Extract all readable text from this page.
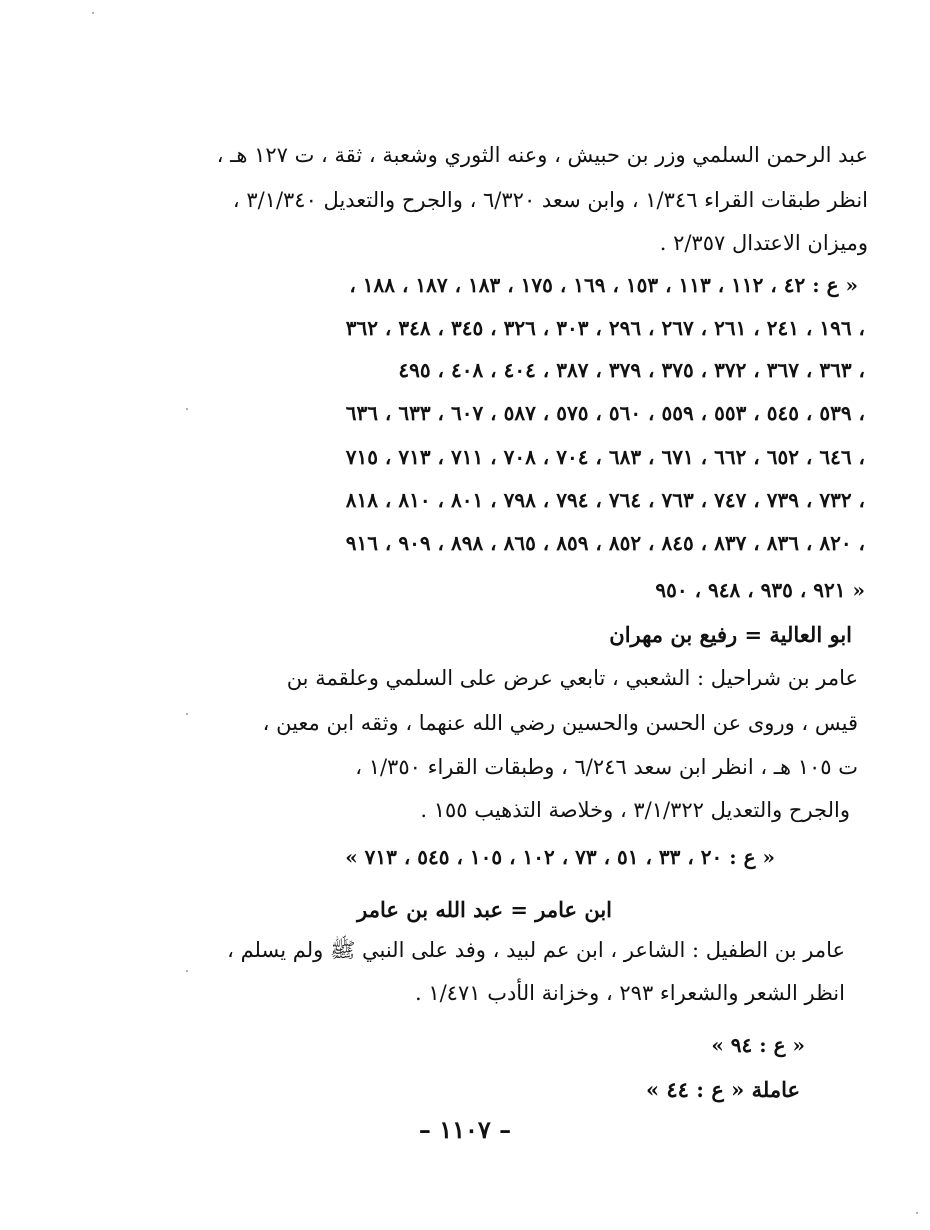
عبد الرحمن السلمي وزر بن حبيش ، وعنه الثوري وشعبة ، ثقة ، ت ١٢٧ هـ ،
انظر طبقات القراء ١/٣٤٦ ، وابن سعد ٦/٣٢٠ ، والجرح والتعديل ٣/١/٣٤٠ ،
وميزان الاعتدال ٢/٣٥٧ .
« ع : ٤٢ ، ١١٢ ، ١١٣ ، ١٥٣ ، ١٦٩ ، ١٧٥ ، ١٨٣ ، ١٨٧ ، ١٨٨ ،
١٩٦ ، ٢٤١ ، ٢٦١ ، ٢٦٧ ، ٢٩٦ ، ٣٠٣ ، ٣٢٦ ، ٣٤٥ ، ٣٤٨ ، ٣٦٢ ،
٣٦٣ ، ٣٦٧ ، ٣٧٢ ، ٣٧٥ ، ٣٧٩ ، ٣٨٧ ، ٤٠٤ ، ٤٠٨ ، ٤٩٥ ،
٥٣٩ ، ٥٤٥ ، ٥٥٣ ، ٥٥٩ ، ٥٦٠ ، ٥٧٥ ، ٥٨٧ ، ٦٠٧ ، ٦٣٣ ، ٦٣٦ ،
٦٤٦ ، ٦٥٢ ، ٦٦٢ ، ٦٧١ ، ٦٨٣ ، ٧٠٤ ، ٧٠٨ ، ٧١١ ، ٧١٣ ، ٧١٥ ،
٧٣٢ ، ٧٣٩ ، ٧٤٧ ، ٧٦٣ ، ٧٦٤ ، ٧٩٤ ، ٧٩٨ ، ٨٠١ ، ٨١٠ ، ٨١٨ ،
٨٢٠ ، ٨٣٦ ، ٨٣٧ ، ٨٤٥ ، ٨٥٢ ، ٨٥٩ ، ٨٦٥ ، ٨٩٨ ، ٩٠٩ ، ٩١٦ ،
٩٢١ ، ٩٣٥ ، ٩٤٨ ، ٩٥٠ »
ابو العالية = رفيع بن مهران
عامر بن شراحيل : الشعبي ، تابعي عرض على السلمي وعلقمة بن
قيس ، وروى عن الحسن والحسين رضي الله عنهما ، وثقه ابن معين ،
ت ١٠٥ هـ ، انظر ابن سعد ٦/٢٤٦ ، وطبقات القراء ١/٣٥٠ ،
والجرح والتعديل ٣/١/٣٢٢ ، وخلاصة التذهيب ١٥٥ .
« ع : ٢٠ ، ٣٣ ، ٥١ ، ٧٣ ، ١٠٢ ، ١٠٥ ، ٥٤٥ ، ٧١٣ »
ابن عامر = عبد الله بن عامر
عامر بن الطفيل : الشاعر ، ابن عم لبيد ، وفد على النبي ﷺ ولم يسلم ،
انظر الشعر والشعراء ٢٩٣ ، وخزانة الأدب ١/٤٧١ .
« ع : ٩٤ »
عاملة « ع : ٤٤ »
– ١١٠٧ –
